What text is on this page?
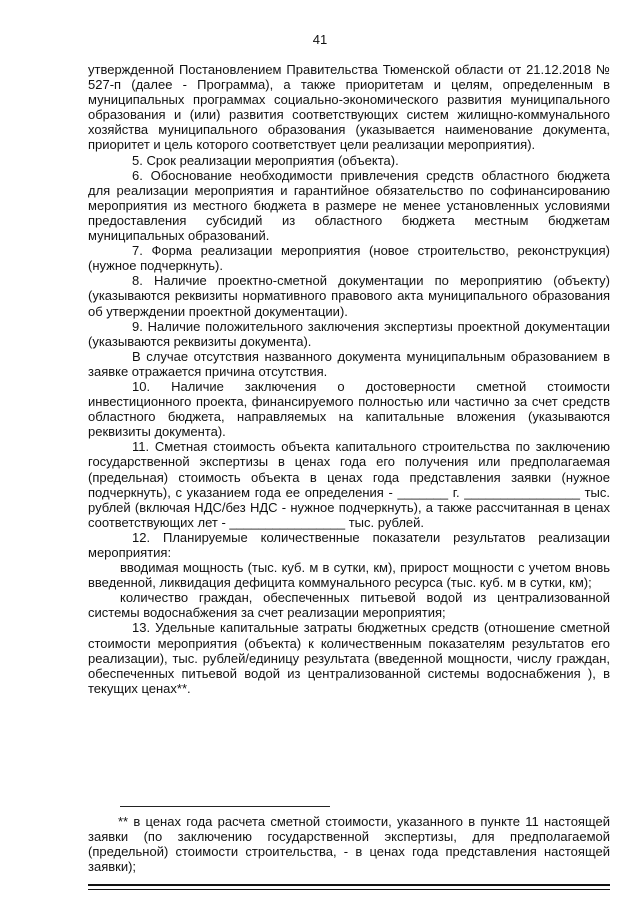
41

утвержденной Постановлением Правительства Тюменской области от 21.12.2018 № 527-п (далее - Программа), а также приоритетам и целям, определенным в муниципальных программах социально-экономического развития муниципального образования и (или) развития соответствующих систем жилищно-коммунального хозяйства муниципального образования (указывается наименование документа, приоритет и цель которого соответствует цели реализации мероприятия).

5. Срок реализации мероприятия (объекта).

6. Обоснование необходимости привлечения средств областного бюджета для реализации мероприятия и гарантийное обязательство по софинансированию мероприятия из местного бюджета в размере не менее установленных условиями предоставления субсидий из областного бюджета местным бюджетам муниципальных образований.

7. Форма реализации мероприятия (новое строительство, реконструкция) (нужное подчеркнуть).

8. Наличие проектно-сметной документации по мероприятию (объекту) (указываются реквизиты нормативного правового акта муниципального образования об утверждении проектной документации).

9. Наличие положительного заключения экспертизы проектной документации (указываются реквизиты документа).

В случае отсутствия названного документа муниципальным образованием в заявке отражается причина отсутствия.

10. Наличие заключения о достоверности сметной стоимости инвестиционного проекта, финансируемого полностью или частично за счет средств областного бюджета, направляемых на капитальные вложения (указываются реквизиты документа).

11. Сметная стоимость объекта капитального строительства по заключению государственной экспертизы в ценах года его получения или предполагаемая (предельная) стоимость объекта в ценах года представления заявки (нужное подчеркнуть), с указанием года ее определения - _______ г. ________________ тыс. рублей (включая НДС/без НДС - нужное подчеркнуть), а также рассчитанная в ценах соответствующих лет - ________________ тыс. рублей.

12. Планируемые количественные показатели результатов реализации мероприятия:

вводимая мощность (тыс. куб. м в сутки, км), прирост мощности с учетом вновь введенной, ликвидация дефицита коммунального ресурса (тыс. куб. м в сутки, км);

количество граждан, обеспеченных питьевой водой из централизованной системы водоснабжения за счет реализации мероприятия;

13. Удельные капитальные затраты бюджетных средств (отношение сметной стоимости мероприятия (объекта) к количественным показателям результатов его реализации), тыс. рублей/единицу результата (введенной мощности, числу граждан, обеспеченных питьевой водой из централизованной системы водоснабжения ), в текущих ценах**.

** в ценах года расчета сметной стоимости, указанного в пункте 11 настоящей заявки (по заключению государственной экспертизы, для предполагаемой (предельной) стоимости строительства, - в ценах года представления настоящей заявки);
